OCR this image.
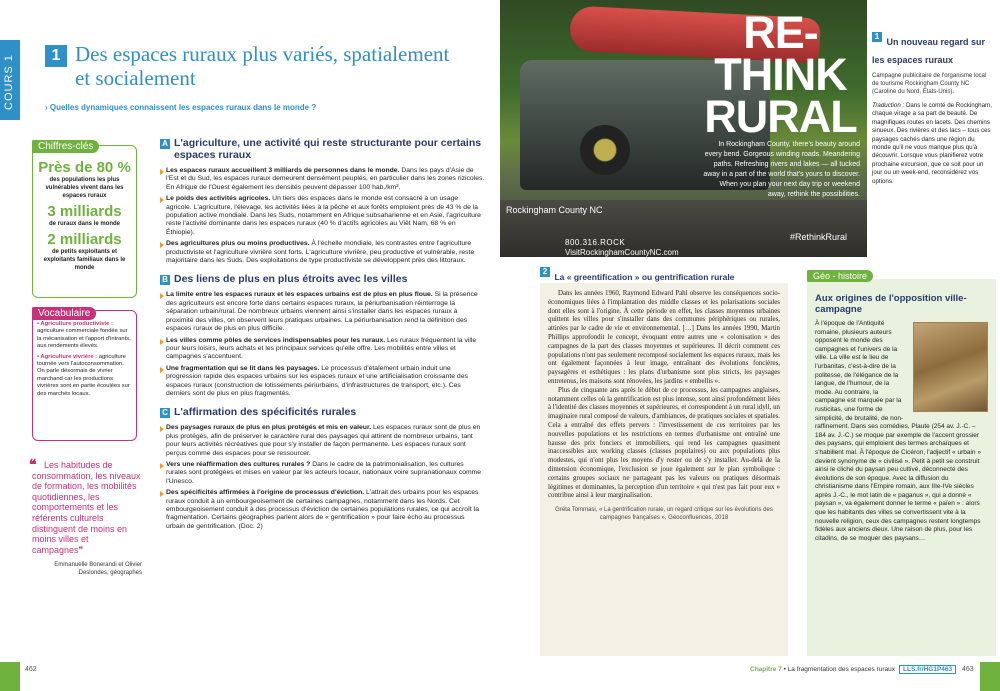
COURS 1	1 Des espaces ruraux plus variés, spatialement et socialement
› Quelles dynamiques connaissent les espaces ruraux dans le monde ?
Près de 80 %
des populations les plus vulnérables vivent dans les espaces ruraux
3 milliards
de ruraux dans le monde
2 milliards
de petits exploitants et exploitants familiaux dans le monde
Chiffres-clés
• Agriculture productiviste : agriculture commerciale fondée sur la mécanisation et l'apport d'intrants, aux rendements élevés.
• Agriculture vivrière : agriculture tournée vers l'autoconsommation. On parle désormais de vivrier marchand car les productions vivrières sont en partie écoulées sur des marchés locaux.
Vocabulaire
❝ Les habitudes de consommation, les niveaux de formation, les mobilités quotidiennes, les comportements et les référents culturels distinguent de moins en moins villes et campagnes❞
Emmanuelle Bonerandi et Olivier Deslondes, géographes
A L'agriculture, une activité qui reste structurante pour certains espaces ruraux
Les espaces ruraux accueillent 3 milliards de personnes dans le monde. Dans les pays d'Asie de l'Est et du Sud, les espaces ruraux demeurent densément peuplés, en particulier dans les zones rizicoles. En Afrique de l'Ouest également les densités peuvent dépasser 100 hab./km².
Le poids des activités agricoles. Un tiers des espaces dans le monde est consacré à un usage agricole. L'agriculture, l'élevage, les activités liées à la pêche et aux forêts emploient près de 43 % de la population active mondiale. Dans les Suds, notamment en Afrique subsaharienne et en Asie, l'agriculture reste l'activité dominante dans les espaces ruraux (40 % d'actifs agricoles au Viêt Nam, 68 % en Éthiopie).
Des agricultures plus ou moins productives. À l'échelle mondiale, les contrastes entre l'agriculture productiviste et l'agriculture vivrière sont forts. L'agriculture vivrière, peu productive et vulnérable, reste majoritaire dans les Suds. Des exploitations de type productiviste se développent près des littoraux.
B Des liens de plus en plus étroits avec les villes
La limite entre les espaces ruraux et les espaces urbains est de plus en plus floue. Si la présence des agriculteurs est encore forte dans certains espaces ruraux, la périurbanisation réinterroge la séparation urbain/rural. De nombreux urbains viennent ainsi s'installer dans les espaces ruraux à proximité des villes, on observent leurs pratiques urbaines. La périurbanisation rend la définition des espaces ruraux de plus en plus difficile.
Les villes comme pôles de services indispensables pour les ruraux. Les ruraux fréquentent la ville pour leurs loisirs, leurs achats et les principaux services qu'elle offre. Les mobilités entre villes et campagnes s'accentuent.
Une fragmentation qui se lit dans les paysages. Le processus d'étalement urbain induit une progression rapide des espaces urbains sur les espaces ruraux et une artificialisation croissante des espaces ruraux (construction de lotissements périurbains, d'infrastructures de transport, etc.). Ces derniers sont de plus en plus fragmentés.
C L'affirmation des spécificités rurales
Des paysages ruraux de plus en plus protégés et mis en valeur. Les espaces ruraux sont de plus en plus protégés, afin de préserver le caractère rural des paysages qui attirent de nombreux urbains, tant pour leurs activités récréatives que pour s'y installer de façon permanente. Les espaces ruraux sont perçus comme des espaces pour se ressourcer.
Vers une réaffirmation des cultures rurales ? Dans le cadre de la patrimonialisation, les cultures rurales sont protégées et mises en valeur par les acteurs locaux, nationaux voire supranationaux comme l'Unesco.
Des spécificités affirmées à l'origine de processus d'éviction. L'attrait des urbains pour les espaces ruraux conduit à un embourgeoisement de certaines campagnes, notamment dans les Nords. Cet embourgeoisement conduit à des processus d'éviction de certaines populations rurales, ce qui accroît la fragmentation. Certains géographes parlent alors de « gentrification » pour faire écho au processus urbain de gentrification. (Doc. 2)
462
RE-THINK RURAL
In Rockingham County, there's beauty around every bend. Gorgeous winding roads. Meandering paths. Refreshing rivers and lakes — all tucked away in a part of the world that's yours to discover. When you plan your next day trip or weekend away, rethink the possibilities.
Rockingham County NC
800.316.ROCK
VisitRockinghamCountyNC.com
#RethinkRural
1 Un nouveau regard sur les espaces ruraux
Campagne publicitaire de l'organisme local de tourisme Rockingham County NC (Caroline du Nord, États-Unis).
Traduction : Dans le comté de Rockingham, chaque virage a sa part de beauté. De magnifiques routes en lacets. Des chemins sinueux. Des rivières et des lacs – tous ces paysages cachés dans une région du monde qu'il ne vous manque plus qu'à découvrir. Lorsque vous planifierez votre prochaine excursion, que ce soit pour un jour ou un week-end, reconsidérez vos options.
2 La « greentification » ou gentrification rurale

Dans les années 1960, Raymond Edward Pahl observe les conséquences socio-économiques liées à l'implantation des middle classes et les polarisations sociales dont elles sont à l'origine. À cette période en effet, les classes moyennes urbaines quittent les villes pour s'installer dans des communes périphériques ou rurales, attirées par le cadre de vie et environnemental. […] Dans les années 1990, Martin Phillips approfondit le concept, évoquant entre autres une « colonisation » des campagnes de la part des classes moyennes et supérieures. Il décrit comment ces populations n'ont pas seulement recomposé socialement les espaces ruraux, mais les ont également façonnées à leur image, entraînant des évolutions foncières, paysagères et esthétiques : les plans d'urbanisme sont plus stricts, les paysages entretenus, les maisons sont rénovées, les jardins « embellis ».

Plus de cinquante ans après le début de ce processus, les campagnes anglaises, notamment celles où la gentrification est plus intense, sont ainsi profondément liées à l'identité des classes moyennes et supérieures, et correspondent à un rural idyll, un imaginaire rural composé de valeurs, d'ambiances, de pratiques sociales et spatiales. Cela a entraîné des effets pervers : l'investissement de ces territoires par les nouvelles populations et les restrictions en termes d'urbanisme ont entraîné une hausse des prix fonciers et immobiliers, qui rend les campagnes quasiment inaccessibles aux working classes (classes populaires) ou aux populations plus modestes, qui n'ont plus les moyens d'y rester ou de s'y installer. Au-delà de la dimension économique, l'exclusion se joue également sur le plan symbolique : certains groupes sociaux ne partageant pas les valeurs ou pratiques désormais légitimes et dominantes, la perception d'un territoire « qui n'est pas fait pour eux » contribue ainsi à leur marginalisation.

Gréta Tommasi, « La gentrification rurale, un regard critique sur les évolutions des campagnes françaises », Géoconfluences, 2018
Aux origines de l'opposition ville-campagne
À l'époque de l'Antiquité romaine, plusieurs auteurs opposent le monde des campagnes et l'univers de la ville. La ville est le lieu de l'urbanitas, c'est-à-dire de la politesse, de l'élégance de la langue, de l'humour, de la mode. Au contraire, la campagne est marquée par la rusticitas, une forme de simplicité, de brutalité, de non-raffinement. Dans ses comédies, Plaute (254 av. J.-C. – 184 av. J.-C.) se moque par exemple de l'accent grossier des paysans, qui emploient des termes archaïques et s'habillent mal. À l'époque de Cicéron, l'adjectif « urbain » devient synonyme de « civilisé ». Petit à petit se construit ainsi le cliché du paysan peu cultivé, déconnecté des évolutions de son époque. Avec la diffusion du christianisme dans l'Empire romain, aux IIIe-IVe siècles après J.-C., le mot latin de « paganus », qui a donné « paysan », va également donner le terme « païen » : alors que les habitants des villes se convertissent vite à la nouvelle religion, ceux des campagnes restent longtemps fidèles aux anciens dieux. Une raison de plus, pour les citadins, de se moquer des paysans…
Géo - histoire
Chapitre 7 • La fragmentation des espaces ruraux LLS.fr/HG1P463	463
